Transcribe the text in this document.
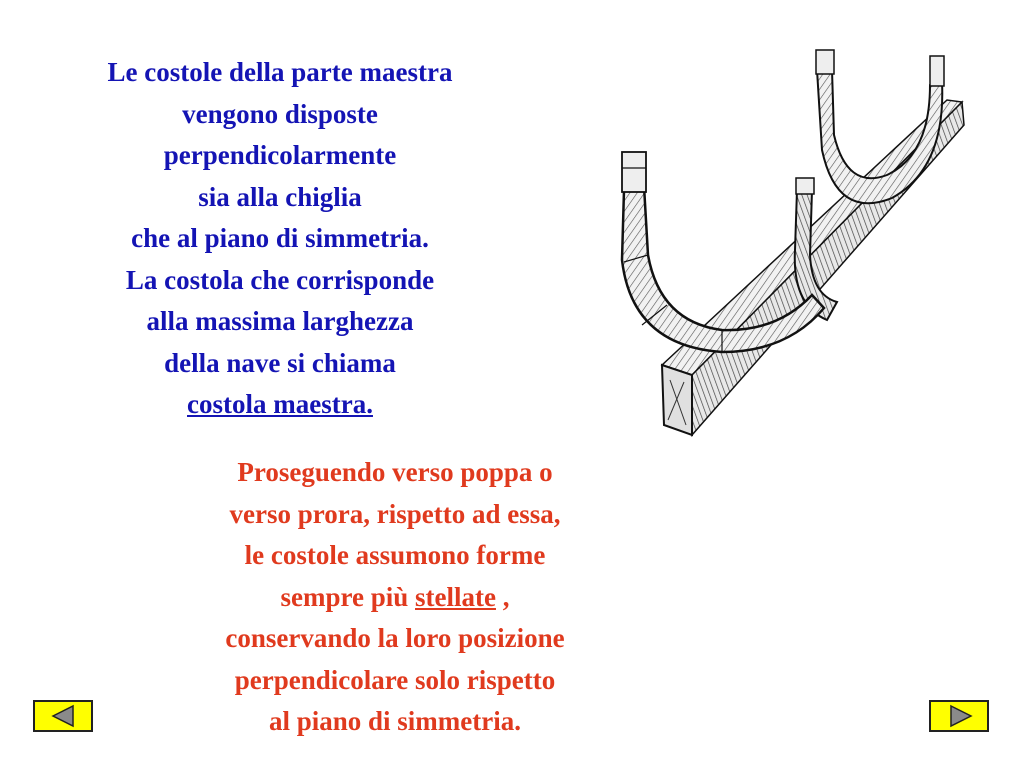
Le costole della parte maestra
vengono disposte
perpendicolarmente
sia alla chiglia
che al piano di simmetria.
La costola che corrisponde
alla massima larghezza
della nave si chiama
costola maestra.
Proseguendo verso poppa o
verso prora, rispetto ad essa,
le costole assumono forme
sempre più stellate ,
conservando la loro posizione
perpendicolare solo rispetto
al piano di simmetria.
